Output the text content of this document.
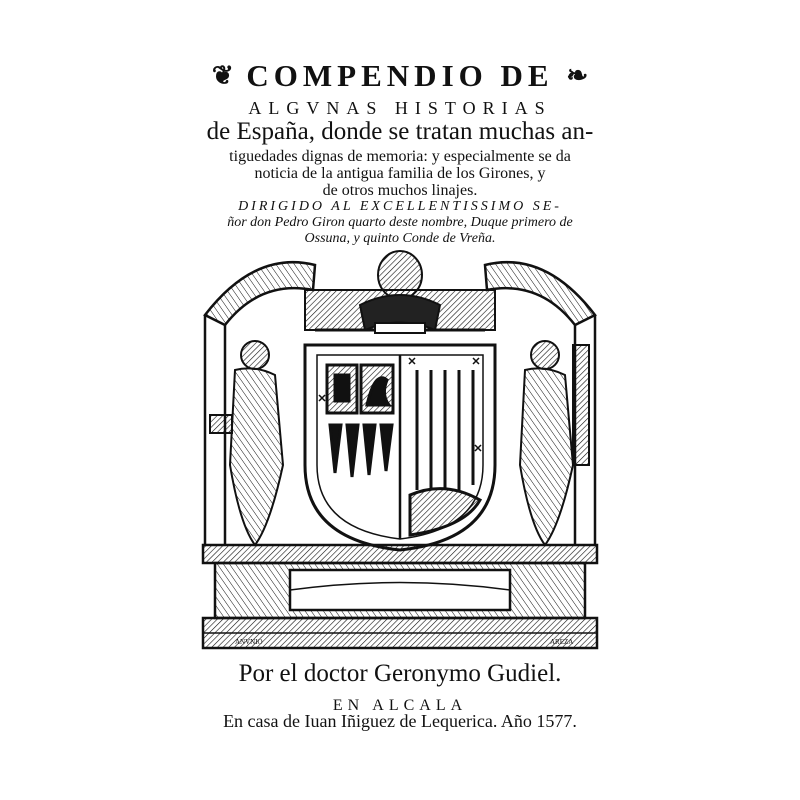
❦ COMPENDIO DE ❧
ALGVNAS HISTORIAS
de España, donde se tratan muchas an-
tiguedades dignas de memoria: y especialmente se da
noticia de la antigua familia de los Girones, y
de otros muchos linajes.
DIRIGIDO AL EXCELLENTISSIMO SE-
ñor don Pedro Giron quarto deste nombre, Duque primero de
Ossuna, y quinto Conde de Vreña.
ANVNIO	AREZA
Por el doctor Geronymo Gudiel.
EN ALCALA
En casa de Iuan Iñiguez de Lequerica. Año 1577.
